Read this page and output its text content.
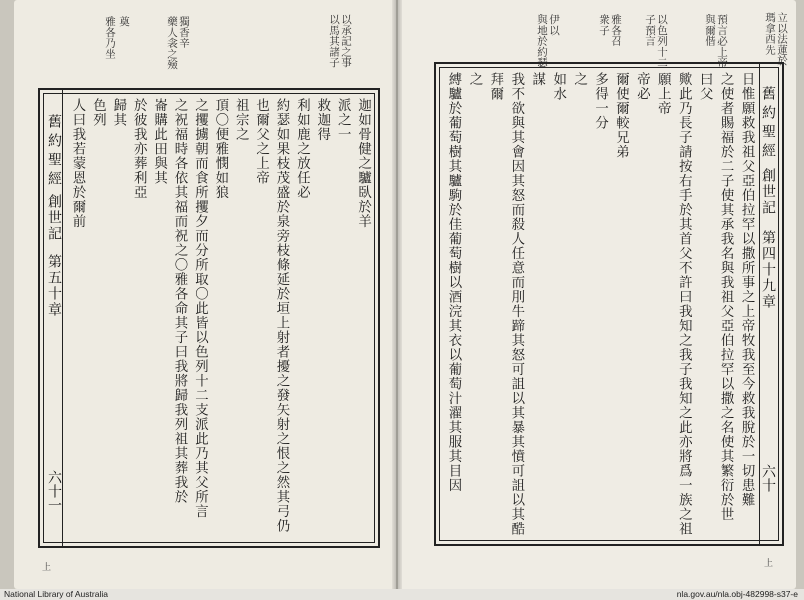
以承記之事
以馬其諸子
獨香辛
藥人衾之殮
奠
雅各乃坐
迦如骨健之驢臥於羊
派之一
救迦得
利如鹿之放任必
約瑟如果枝茂盛於泉旁枝條延於垣上射者擾之發矢射之恨之然其弓仍
也爾父之上帝
祖宗之
頂〇便雅憫如狼
之攫擄朝而食所攫夕而分所取〇此皆以色列十二支派此乃其父所言
之祝福時各依其福而祝之〇雅各命其子曰我將歸我列祖其葬我於
崙購此田與其
於彼我亦葬利亞
歸其
色列
人曰我若蒙恩於爾前
舊約聖經
創世記
第五十章
六十一
上
立以法蓮於
瑪拿西先
預言必上帝
與爾偕
以色列十二
子預言
雅各召
衆子
伊以
與地於約瑟
日惟願救我祖父亞伯拉罕以撒所事之上帝牧我至今救我脫於一切患難
之使者賜福於二子使其承我名與我祖父亞伯拉罕以撒之名使其繁衍於世
曰父
歟此乃長子請按右手於其首父不許曰我知之我子我知之此亦將爲一族之祖
願上帝
帝必
爾使爾較兄弟
多得一分
之
如水
謀
我不欲與其會因其怒而殺人任意而刖牛蹄其怒可詛以其暴其憤可詛以其酷
拜爾
之
縛驢於葡萄樹其驢駒於佳葡萄樹以酒浣其衣以葡萄汁濯其服其目因	舊約聖經
創世記
第四十九章
六十
上
National Library of Australia	nla.gov.au/nla.obj-482998-s37-e
